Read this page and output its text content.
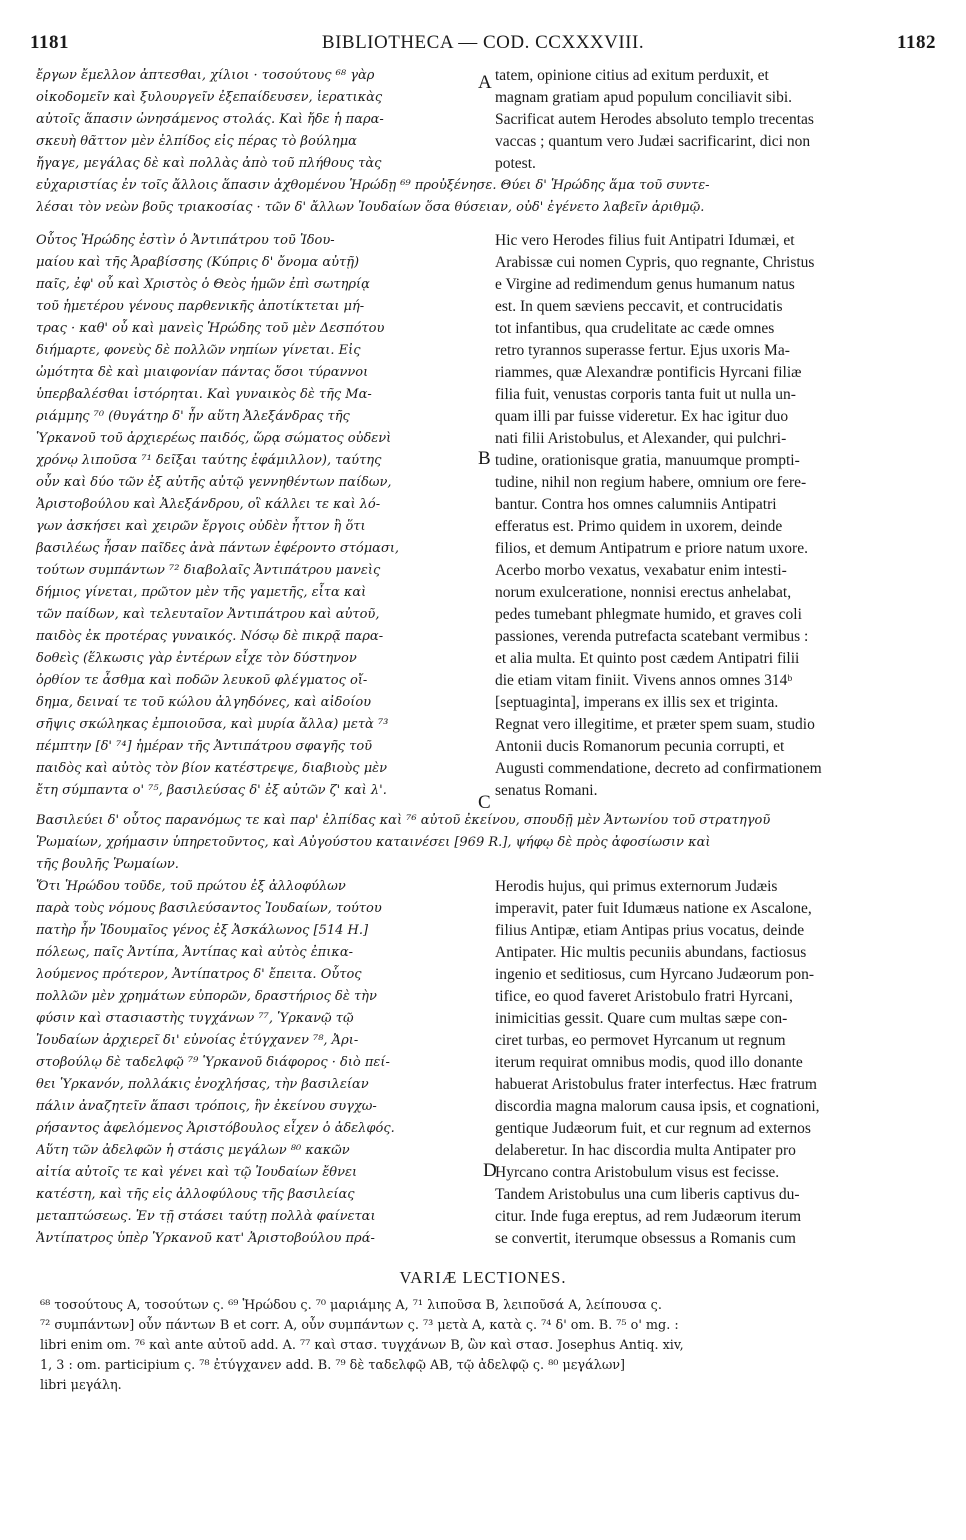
1181	BIBLIOTHECA — COD. CCXXXVIII.	1182
A
B
C
D
ἔργων ἔμελλον ἀπτεσθαι, χίλιοι · τοσούτους ⁶⁸ γὰρ
οἰκοδομεῖν καὶ ξυλουργεῖν ἐξεπαίδευσεν, ἱερατικὰς
αὐτοῖς ἅπασιν ὠνησάμενος στολάς. Καὶ ἤδε ἡ παρα-
σκευὴ θᾶττον μὲν ἐλπίδος εἰς πέρας τὸ βούλημα
ἤγαγε, μεγάλας δὲ καὶ πολλὰς ἀπὸ τοῦ πλήθους τὰς
tatem, opinione citius ad exitum perduxit, et
magnam gratiam apud populum conciliavit sibi.
Sacrificat autem Herodes absoluto templo trecentas
vaccas ; quantum vero Judæi sacrificarint, dici non
potest.
εὐχαριστίας ἐν τοῖς ἄλλοις ἅπασιν ἀχθομένου Ἡρώδῃ ⁶⁹ προὐξένησε. Θύει δ' Ἡρώδης ἅμα τοῦ συντε-
λέσαι τὸν νεὼν βοῦς τριακοσίας · τῶν δ' ἄλλων Ἰουδαίων ὅσα θύσειαν, οὐδ' ἐγένετο λαβεῖν ἀριθμῷ.
Οὗτος Ἡρώδης ἐστὶν ὁ Ἀντιπάτρου τοῦ Ἰδου-
μαίου καὶ τῆς Ἀραβίσσης (Κύπρις δ' ὄνομα αὐτῇ)
παῖς, ἐφ' οὗ καὶ Χριστὸς ὁ Θεὸς ἡμῶν ἐπὶ σωτηρίᾳ
τοῦ ἡμετέρου γένους παρθενικῆς ἀποτίκτεται μή-
τρας · καθ' οὗ καὶ μανεὶς Ἡρώδης τοῦ μὲν Δεσπότου
διήμαρτε, φονεὺς δὲ πολλῶν νηπίων γίνεται. Εἰς
ὠμότητα δὲ καὶ μιαιφονίαν πάντας ὅσοι τύραννοι
ὑπερβαλέσθαι ἱστόρηται. Καὶ γυναικὸς δὲ τῆς Μα-
ριάμμης ⁷⁰ (θυγάτηρ δ' ἦν αὕτη Ἀλεξάνδρας τῆς
Ὑρκανοῦ τοῦ ἀρχιερέως παιδός, ὥρᾳ σώματος οὐδενὶ
χρόνῳ λιποῦσα ⁷¹ δεῖξαι ταύτης ἐφάμιλλον), ταύτης
οὖν καὶ δύο τῶν ἐξ αὐτῆς αὐτῷ γεννηθέντων παίδων,
Ἀριστοβούλου καὶ Ἀλεξάνδρου, οἳ κάλλει τε καὶ λό-
γων ἀσκήσει καὶ χειρῶν ἔργοις οὐδὲν ἧττον ἢ ὅτι
βασιλέως ἦσαν παῖδες ἀνὰ πάντων ἐφέροντο στόμασι,
τούτων συμπάντων ⁷² διαβολαῖς Ἀντιπάτρου μανεὶς
δήμιος γίνεται, πρῶτον μὲν τῆς γαμετῆς, εἶτα καὶ
τῶν παίδων, καὶ τελευταῖον Ἀντιπάτρου καὶ αὐτοῦ,
παιδὸς ἐκ προτέρας γυναικός. Νόσῳ δὲ πικρᾷ παρα-
δοθεὶς (ἕλκωσις γὰρ ἐντέρων εἶχε τὸν δύστηνον
ὀρθίον τε ἆσθμα καὶ ποδῶν λευκοῦ φλέγματος οἴ-
δημα, δειναί τε τοῦ κώλου ἀλγηδόνες, καὶ αἰδοίου
σῆψις σκώληκας ἐμποιοῦσα, καὶ μυρία ἄλλα) μετὰ ⁷³
πέμπτην [δ' ⁷⁴] ἡμέραν τῆς Ἀντιπάτρου σφαγῆς τοῦ
παιδὸς καὶ αὐτὸς τὸν βίον κατέστρεψε, διαβιοὺς μὲν
ἔτη σύμπαντα ο' ⁷⁵, βασιλεύσας δ' ἐξ αὐτῶν ζ' καὶ λ'.
Hic vero Herodes filius fuit Antipatri Idumæi, et
Arabissæ cui nomen Cypris, quo regnante, Christus
e Virgine ad redimendum genus humanum natus
est. In quem sæviens peccavit, et contrucidatis
tot infantibus, qua crudelitate ac cæde omnes
retro tyrannos superasse fertur. Ejus uxoris Ma-
riammes, quæ Alexandræ pontificis Hyrcani filiæ
filia fuit, venustas corporis tanta fuit ut nulla un-
quam illi par fuisse videretur. Ex hac igitur duo
nati filii Aristobulus, et Alexander, qui pulchri-
tudine, orationisque gratia, manuumque prompti-
tudine, nihil non regium habere, omnium ore fere-
bantur. Contra hos omnes calumniis Antipatri
efferatus est. Primo quidem in uxorem, deinde
filios, et demum Antipatrum e priore natum uxore.
Acerbo morbo vexatus, vexabatur enim intesti-
norum exulceratione, nonnisi erectus anhelabat,
pedes tumebant phlegmate humido, et graves coli
passiones, verenda putrefacta scatebant vermibus :
et alia multa. Et quinto post cædem Antipatri filii
die etiam vitam finiit. Vivens annos omnes 314ᵇ
[septuaginta], imperans ex illis sex et triginta.
Regnat vero illegitime, et præter spem suam, studio
Antonii ducis Romanorum pecunia corrupti, et
Augusti commendatione, decreto ad confirmationem
senatus Romani.
Βασιλεύει δ' οὗτος παρανόμως τε καὶ παρ' ἐλπίδας καὶ ⁷⁶ αὐτοῦ ἐκείνου, σπουδῇ μὲν Ἀντωνίου τοῦ στρατηγοῦ
Ῥωμαίων, χρήμασιν ὑπηρετοῦντος, καὶ Αὐγούστου καταινέσει [969 R.], ψήφῳ δὲ πρὸς ἀφοσίωσιν καὶ
τῆς βουλῆς Ῥωμαίων.
Ὅτι Ἡρώδου τοῦδε, τοῦ πρώτου ἐξ ἀλλοφύλων
παρὰ τοὺς νόμους βασιλεύσαντος Ἰουδαίων, τούτου
πατὴρ ἦν Ἰδουμαῖος γένος ἐξ Ἀσκάλωνος [514 H.]
πόλεως, παῖς Ἀντίπα, Ἀντίπας καὶ αὐτὸς ἐπικα-
λούμενος πρότερον, Ἀντίπατρος δ' ἔπειτα. Οὗτος
πολλῶν μὲν χρημάτων εὐπορῶν, δραστήριος δὲ τὴν
φύσιν καὶ στασιαστὴς τυγχάνων ⁷⁷, Ὑρκανῷ τῷ
Ἰουδαίων ἀρχιερεῖ δι' εὐνοίας ἐτύγχανεν ⁷⁸, Ἀρι-
στοβούλῳ δὲ ταδελφῷ ⁷⁹ Ὑρκανοῦ διάφορος · διὸ πεί-
θει Ὑρκανόν, πολλάκις ἐνοχλήσας, τὴν βασιλείαν
πάλιν ἀναζητεῖν ἅπασι τρόποις, ἣν ἐκείνου συγχω-
ρήσαντος ἀφελόμενος Ἀριστόβουλος εἶχεν ὁ ἀδελφός.
Αὕτη τῶν ἀδελφῶν ἡ στάσις μεγάλων ⁸⁰ κακῶν
αἰτία αὐτοῖς τε καὶ γένει καὶ τῷ Ἰουδαίων ἔθνει
κατέστη, καὶ τῆς εἰς ἀλλοφύλους τῆς βασιλείας
μεταπτώσεως. Ἐν τῇ στάσει ταύτῃ πολλὰ φαίνεται
Ἀντίπατρος ὑπὲρ Ὑρκανοῦ κατ' Ἀριστοβούλου πρά-
Herodis hujus, qui primus externorum Judæis
imperavit, pater fuit Idumæus natione ex Ascalone,
filius Antipæ, etiam Antipas prius vocatus, deinde
Antipater. Hic multis pecuniis abundans, factiosus
ingenio et seditiosus, cum Hyrcano Judæorum pon-
tifice, eo quod faveret Aristobulo fratri Hyrcani,
inimicitias gessit. Quare cum multas sæpe con-
ciret turbas, eo permovet Hyrcanum ut regnum
iterum requirat omnibus modis, quod illo donante
habuerat Aristobulus frater interfectus. Hæc fratrum
discordia magna malorum causa ipsis, et cognationi,
gentique Judæorum fuit, et cur regnum ad externos
delaberetur. In hac discordia multa Antipater pro
Hyrcano contra Aristobulum visus est fecisse.
Tandem Aristobulus una cum liberis captivus du-
citur. Inde fuga ereptus, ad rem Judæorum iterum
se convertit, iterumque obsessus a Romanis cum
VARIÆ LECTIONES.
⁶⁸ τοσούτους A, τοσούτων ς. ⁶⁹ Ἡρώδου ς. ⁷⁰ μαριάμης A, ⁷¹ λιποῦσα B, λειποῦσά A, λείπουσα ς.
⁷² συμπάντων] οὖν πάντων B et corr. A, οὖν συμπάντων ς. ⁷³ μετὰ A, κατὰ ς. ⁷⁴ δ' om. B. ⁷⁵ ο' mg. :
libri enim om. ⁷⁶ καὶ ante αὐτοῦ add. A. ⁷⁷ καὶ στασ. τυγχάνων B, ὢν καὶ στασ. Josephus Antiq. xiv,
1, 3 : om. participium ς. ⁷⁸ ἐτύγχανεν add. B. ⁷⁹ δὲ ταδελφῷ AB, τῷ ἀδελφῷ ς. ⁸⁰ μεγάλων]
libri μεγάλη.
